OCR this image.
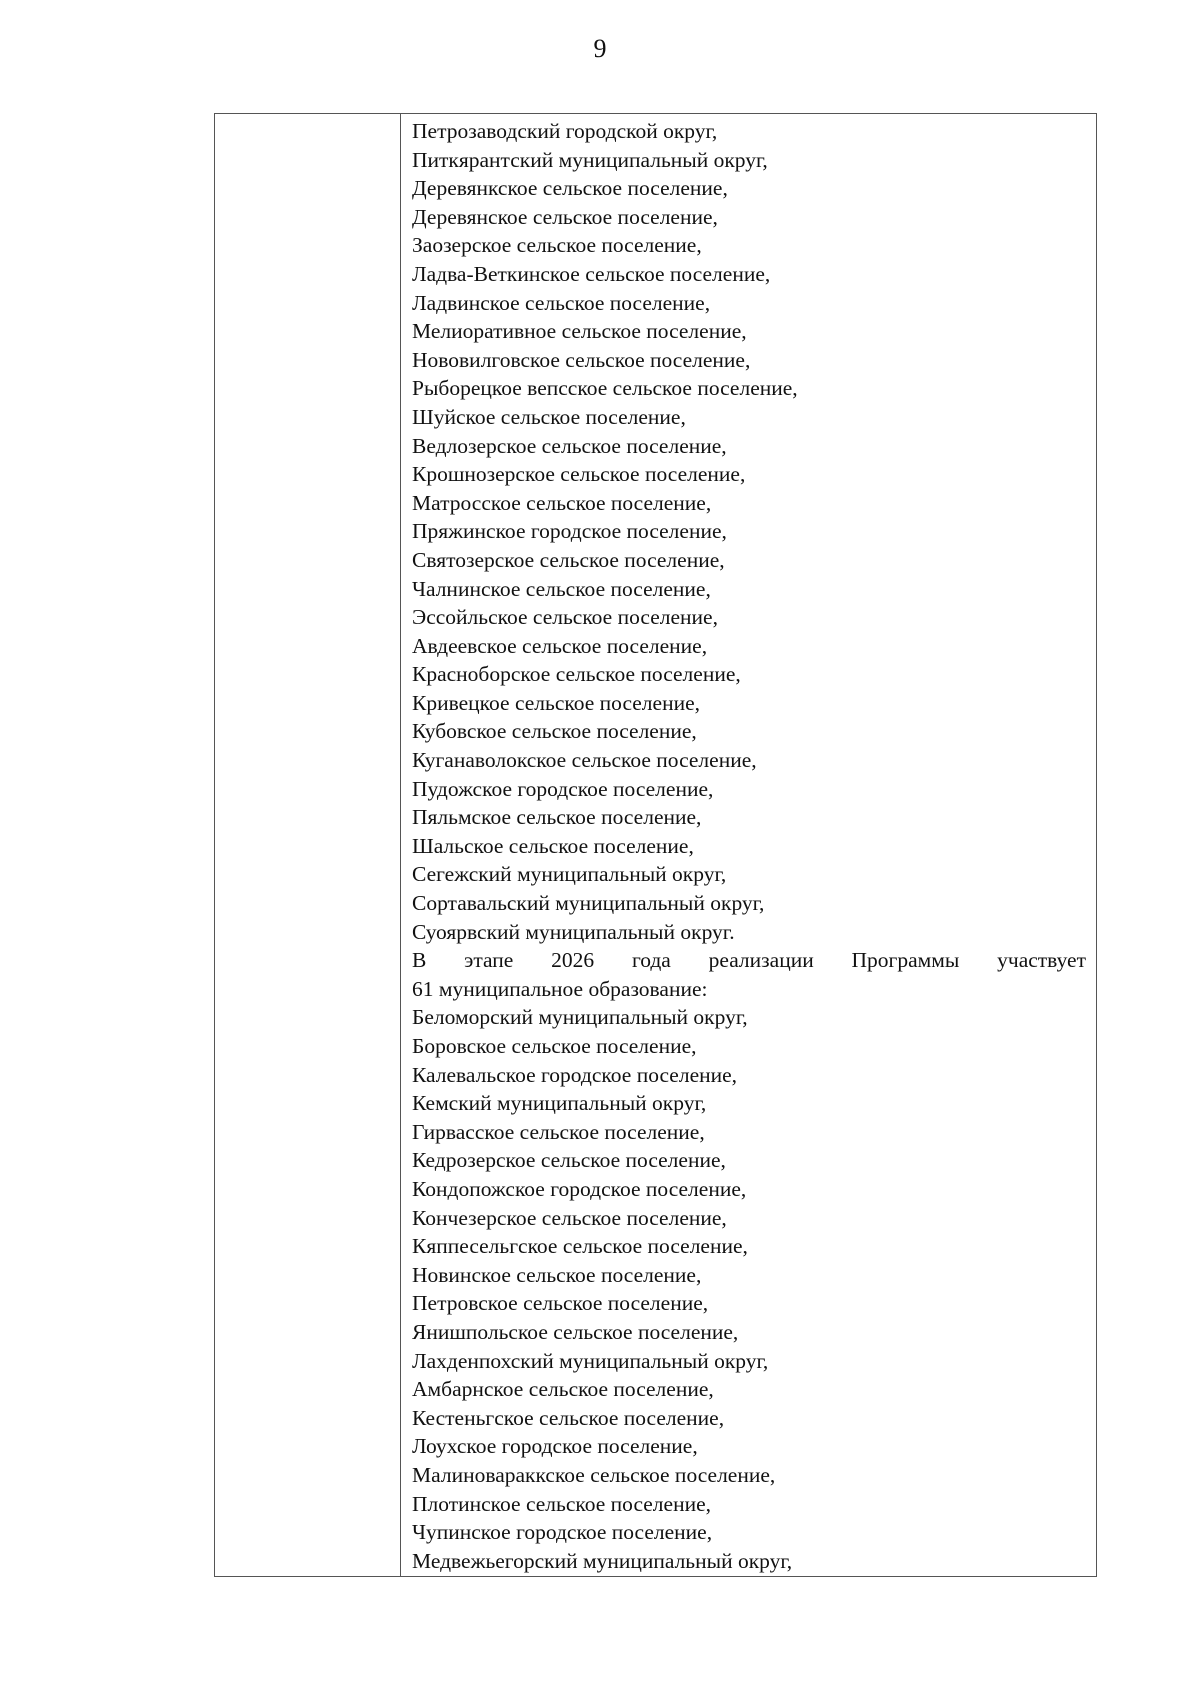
9
Петрозаводский городской округ,
Питкярантский муниципальный округ,
Деревянкское сельское поселение,
Деревянское сельское поселение,
Заозерское сельское поселение,
Ладва-Веткинское сельское поселение,
Ладвинское сельское поселение,
Мелиоративное сельское поселение,
Нововилговское сельское поселение,
Рыборецкое вепсское сельское поселение,
Шуйское сельское поселение,
Ведлозерское сельское поселение,
Крошнозерское сельское поселение,
Матросское сельское поселение,
Пряжинское городское поселение,
Святозерское сельское поселение,
Чалнинское сельское поселение,
Эссойльское сельское поселение,
Авдеевское сельское поселение,
Красноборское сельское поселение,
Кривецкое сельское поселение,
Кубовское сельское поселение,
Куганаволокское сельское поселение,
Пудожское городское поселение,
Пяльмское сельское поселение,
Шальское сельское поселение,
Сегежский муниципальный округ,
Сортавальский муниципальный округ,
Суоярвский муниципальный округ.
В этапе 2026 года реализации Программы участвует
61 муниципальное образование:
Беломорский муниципальный округ,
Боровское сельское поселение,
Калевальское городское поселение,
Кемский муниципальный округ,
Гирвасское сельское поселение,
Кедрозерское сельское поселение,
Кондопожское городское поселение,
Кончезерское сельское поселение,
Кяппесельгское сельское поселение,
Новинское сельское поселение,
Петровское сельское поселение,
Янишпольское сельское поселение,
Лахденпохский муниципальный округ,
Амбарнское сельское поселение,
Кестеньгское сельское поселение,
Лоухское городское поселение,
Малиновараккское сельское поселение,
Плотинское сельское поселение,
Чупинское городское поселение,
Медвежьегорский муниципальный округ,
